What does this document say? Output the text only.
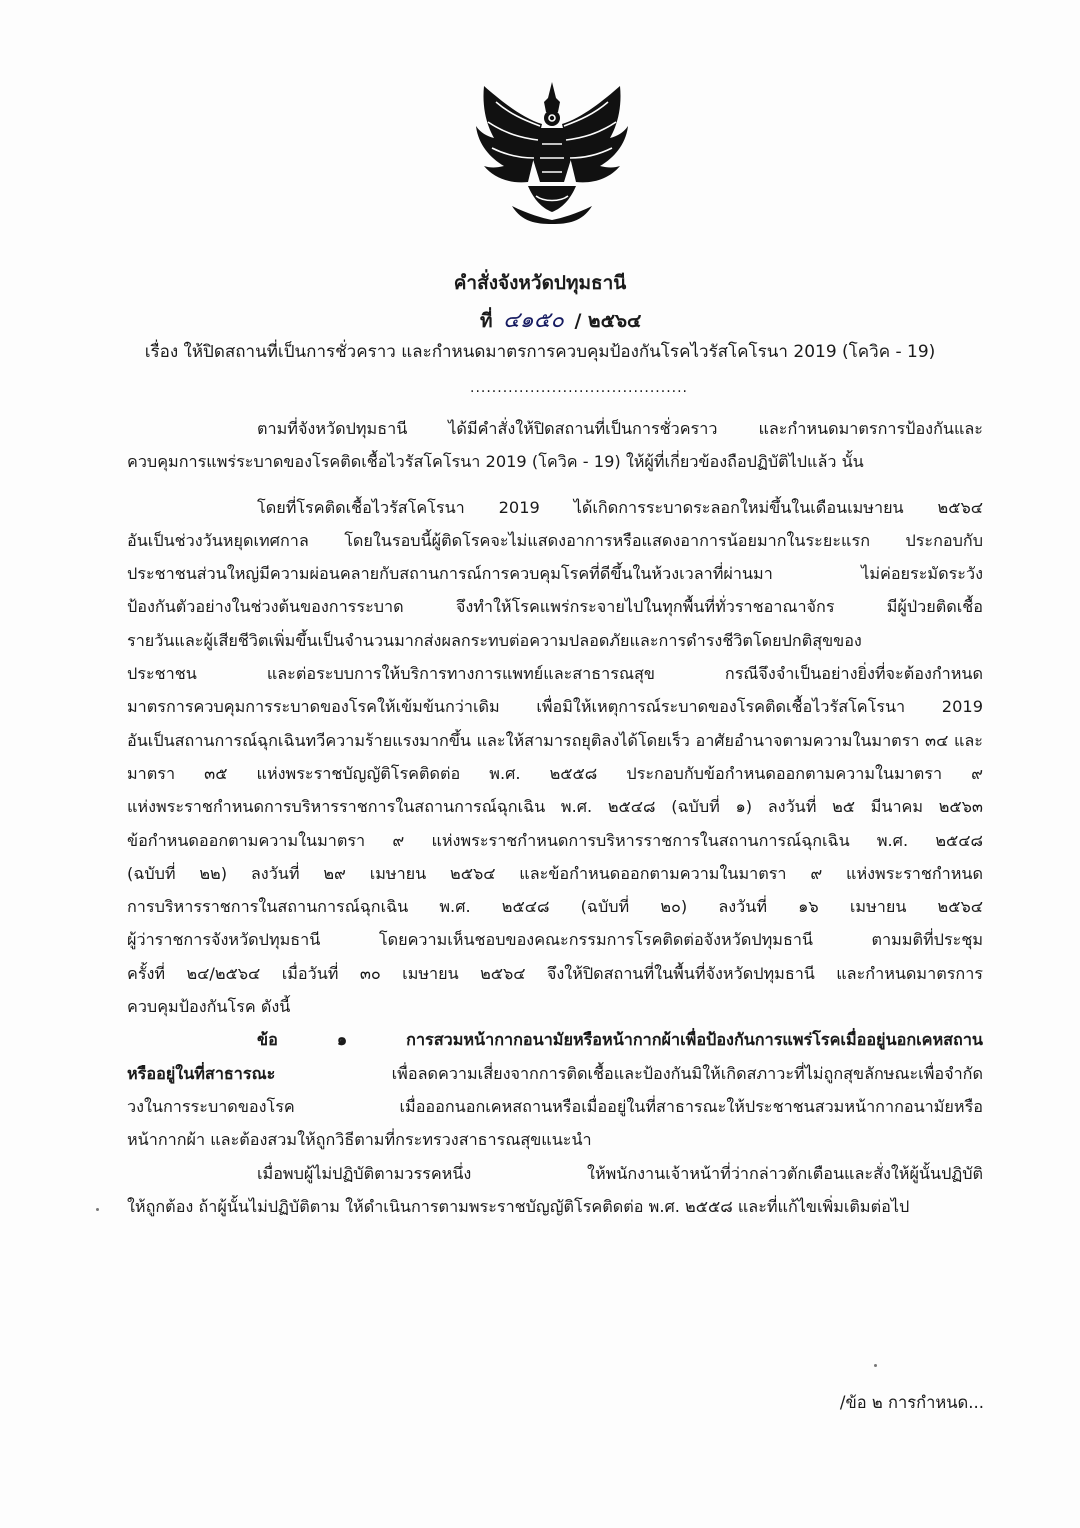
คำสั่งจังหวัดปทุมธานี
ที่ ๔๑๕๐ / ๒๕๖๔
เรื่อง ให้ปิดสถานที่เป็นการชั่วคราว และกำหนดมาตรการควบคุมป้องกันโรคไวรัสโคโรนา 2019 (โควิค - 19)
........................................

ตามที่จังหวัดปทุมธานี ได้มีคำสั่งให้ปิดสถานที่เป็นการชั่วคราว และกำหนดมาตรการป้องกันและ

ควบคุมการแพร่ระบาดของโรคติดเชื้อไวรัสโคโรนา 2019 (โควิค - 19) ให้ผู้ที่เกี่ยวข้องถือปฏิบัติไปแล้ว นั้น

โดยที่โรคติดเชื้อไวรัสโคโรนา 2019 ได้เกิดการระบาดระลอกใหม่ขึ้นในเดือนเมษายน ๒๕๖๔

อันเป็นช่วงวันหยุดเทศกาล โดยในรอบนี้ผู้ติดโรคจะไม่แสดงอาการหรือแสดงอาการน้อยมากในระยะแรก ประกอบกับ

ประชาชนส่วนใหญ่มีความผ่อนคลายกับสถานการณ์การควบคุมโรคที่ดีขึ้นในห้วงเวลาที่ผ่านมา ไม่ค่อยระมัดระวัง

ป้องกันตัวอย่างในช่วงต้นของการระบาด จึงทำให้โรคแพร่กระจายไปในทุกพื้นที่ทั่วราชอาณาจักร มีผู้ป่วยติดเชื้อ

รายวันและผู้เสียชีวิตเพิ่มขึ้นเป็นจำนวนมากส่งผลกระทบต่อความปลอดภัยและการดำรงชีวิตโดยปกติสุขของ

ประชาชน และต่อระบบการให้บริการทางการแพทย์และสาธารณสุข กรณีจึงจำเป็นอย่างยิ่งที่จะต้องกำหนด

มาตรการควบคุมการระบาดของโรคให้เข้มข้นกว่าเดิม เพื่อมิให้เหตุการณ์ระบาดของโรคติดเชื้อไวรัสโคโรนา 2019

อันเป็นสถานการณ์ฉุกเฉินทวีความร้ายแรงมากขึ้น และให้สามารถยุติลงได้โดยเร็ว อาศัยอำนาจตามความในมาตรา ๓๔ และ

มาตรา ๓๕ แห่งพระราชบัญญัติโรคติดต่อ พ.ศ. ๒๕๕๘ ประกอบกับข้อกำหนดออกตามความในมาตรา ๙

แห่งพระราชกำหนดการบริหารราชการในสถานการณ์ฉุกเฉิน พ.ศ. ๒๕๔๘ (ฉบับที่ ๑) ลงวันที่ ๒๕ มีนาคม ๒๕๖๓

ข้อกำหนดออกตามความในมาตรา ๙ แห่งพระราชกำหนดการบริหารราชการในสถานการณ์ฉุกเฉิน พ.ศ. ๒๕๔๘

(ฉบับที่ ๒๒) ลงวันที่ ๒๙ เมษายน ๒๕๖๔ และข้อกำหนดออกตามความในมาตรา ๙ แห่งพระราชกำหนด

การบริหารราชการในสถานการณ์ฉุกเฉิน พ.ศ. ๒๕๔๘ (ฉบับที่ ๒๐) ลงวันที่ ๑๖ เมษายน ๒๕๖๔

ผู้ว่าราชการจังหวัดปทุมธานี โดยความเห็นชอบของคณะกรรมการโรคติดต่อจังหวัดปทุมธานี ตามมติที่ประชุม

ครั้งที่ ๒๔/๒๕๖๔ เมื่อวันที่ ๓๐ เมษายน ๒๕๖๔ จึงให้ปิดสถานที่ในพื้นที่จังหวัดปทุมธานี และกำหนดมาตรการ

ควบคุมป้องกันโรค ดังนี้

ข้อ ๑ การสวมหน้ากากอนามัยหรือหน้ากากผ้าเพื่อป้องกันการแพร่โรคเมื่ออยู่นอกเคหสถาน

หรืออยู่ในที่สาธารณะ เพื่อลดความเสี่ยงจากการติดเชื้อและป้องกันมิให้เกิดสภาวะที่ไม่ถูกสุขลักษณะเพื่อจำกัด

วงในการระบาดของโรค เมื่อออกนอกเคหสถานหรือเมื่ออยู่ในที่สาธารณะให้ประชาชนสวมหน้ากากอนามัยหรือ

หน้ากากผ้า และต้องสวมให้ถูกวิธีตามที่กระทรวงสาธารณสุขแนะนำ

เมื่อพบผู้ไม่ปฏิบัติตามวรรคหนึ่ง ให้พนักงานเจ้าหน้าที่ว่ากล่าวตักเตือนและสั่งให้ผู้นั้นปฏิบัติ

ให้ถูกต้อง ถ้าผู้นั้นไม่ปฏิบัติตาม ให้ดำเนินการตามพระราชบัญญัติโรคติดต่อ พ.ศ. ๒๕๕๘ และที่แก้ไขเพิ่มเติมต่อไป

/ข้อ ๒ การกำหนด...
